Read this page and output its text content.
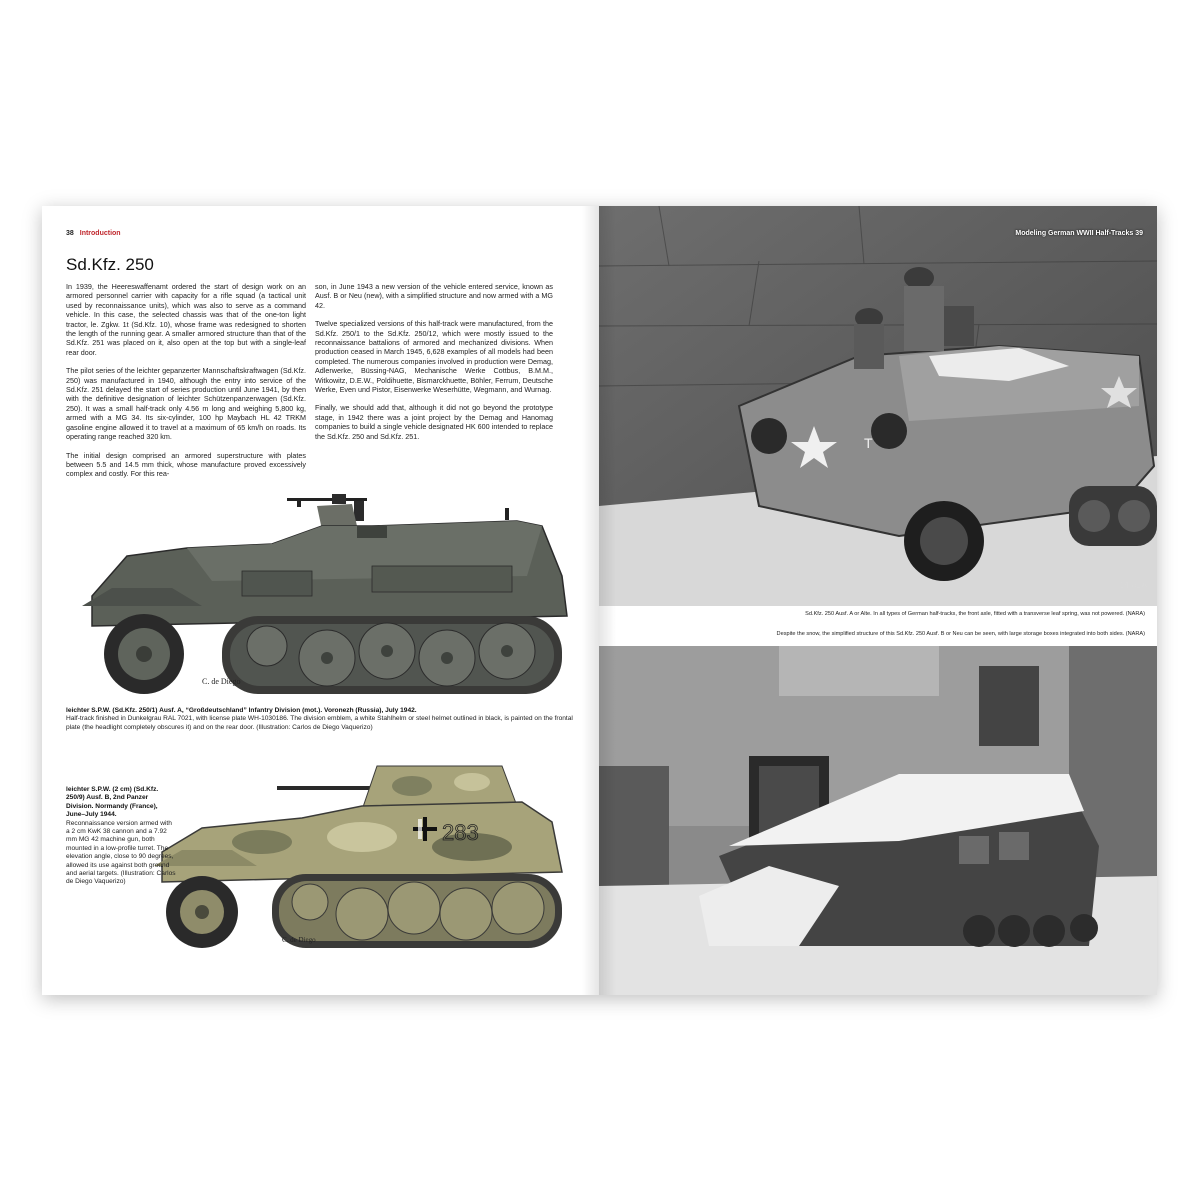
38 Introduction
Sd.Kfz. 250

In 1939, the Heereswaffenamt ordered the start of design work on an armored personnel carrier with capacity for a rifle squad (a tactical unit used by reconnaissance units), which was also to serve as a command vehicle. In this case, the selected chassis was that of the one-ton light tractor, le. Zgkw. 1t (Sd.Kfz. 10), whose frame was redesigned to shorten the length of the running gear. A smaller armored structure than that of the Sd.Kfz. 251 was placed on it, also open at the top but with a single-leaf rear door.

The pilot series of the leichter gepanzerter Mannschaftskraftwagen (Sd.Kfz. 250) was manufactured in 1940, although the entry into service of the Sd.Kfz. 251 delayed the start of series production until June 1941, by then with the definitive designation of leichter Schützenpanzerwagen (Sd.Kfz. 250). It was a small half-track only 4.56 m long and weighing 5,800 kg, armed with a MG 34. Its six-cylinder, 100 hp Maybach HL 42 TRKM gasoline engine allowed it to travel at a maximum of 65 km/h on roads. Its operating range reached 320 km.

The initial design comprised an armored superstructure with plates between 5.5 and 14.5 mm thick, whose manufacture proved excessively complex and costly. For this rea-

son, in June 1943 a new version of the vehicle entered service, known as Ausf. B or Neu (new), with a simplified structure and now armed with a MG 42.

Twelve specialized versions of this half-track were manufactured, from the Sd.Kfz. 250/1 to the Sd.Kfz. 250/12, which were mostly issued to the reconnaissance battalions of armored and mechanized divisions. When production ceased in March 1945, 6,628 examples of all models had been completed. The numerous companies involved in production were Demag, Adlerwerke, Büssing-NAG, Mechanische Werke Cottbus, B.M.M., Witkowitz, D.E.W., Poldihuette, Bismarckhuette, Böhler, Ferrum, Deutsche Werke, Even und Pistor, Eisenwerke Weserhütte, Wegmann, and Wurnag.

Finally, we should add that, although it did not go beyond the prototype stage, in 1942 there was a joint project by the Demag and Hanomag companies to build a single vehicle designated HK 600 intended to replace the Sd.Kfz. 250 and Sd.Kfz. 251.

C. de Diego
leichter S.P.W. (Sd.Kfz. 250/1) Ausf. A, “Großdeutschland” Infantry Division (mot.). Voronezh (Russia), July 1942.
Half-track finished in Dunkelgrau RAL 7021, with license plate WH-1030186. The division emblem, a white Stahlhelm or steel helmet outlined in black, is painted on the frontal plate (the headlight completely obscures it) and on the rear door. (Illustration: Carlos de Diego Vaquerizo)
283
C. de Diego
leichter S.P.W. (2 cm) (Sd.Kfz. 250/9) Ausf. B, 2nd Panzer Division. Normandy (France), June–July 1944.
Reconnaissance version armed with a 2 cm KwK 38 cannon and a 7.92 mm MG 42 machine gun, both mounted in a low-profile turret. The elevation angle, close to 90 degrees, allowed its use against both ground and aerial targets. (Illustration: Carlos de Diego Vaquerizo)
T
14 01A
Modeling German WWII Half-Tracks 39
Sd.Kfz. 250 Ausf. A or Alte. In all types of German half-tracks, the front axle, fitted with a transverse leaf spring, was not powered. (NARA)
Despite the snow, the simplified structure of this Sd.Kfz. 250 Ausf. B or Neu can be seen, with large storage boxes integrated into both sides. (NARA)
